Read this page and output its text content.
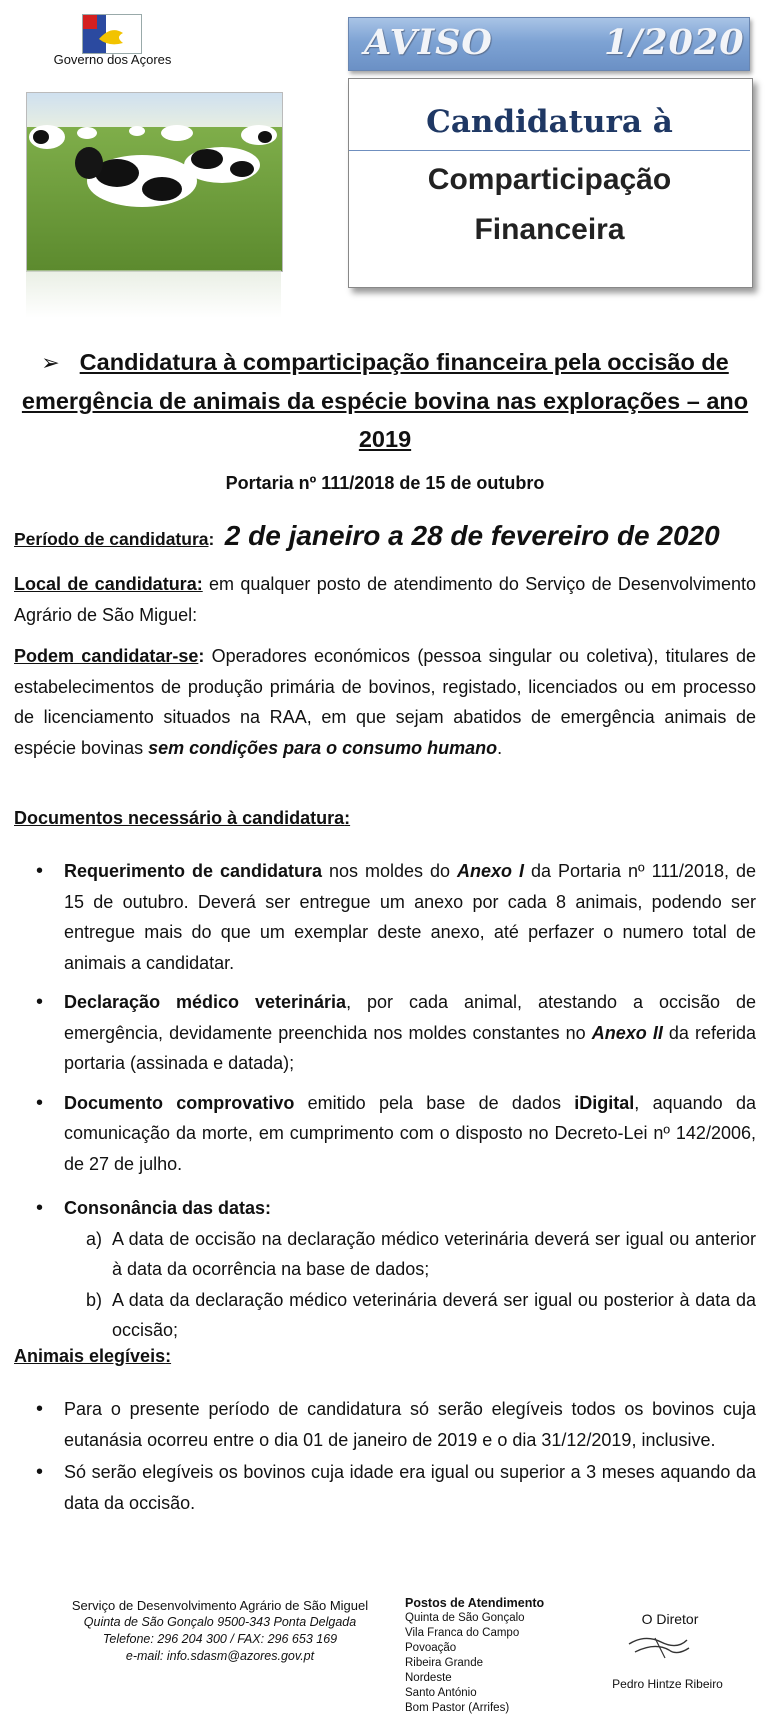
Governo dos Açores	AVISO	1/2020
Candidatura à
Comparticipação
Financeira
➢ Candidatura à comparticipação financeira pela occisão de emergência de animais da espécie bovina nas explorações – ano 2019
Portaria nº 111/2018 de 15 de outubro
Período de candidatura: 2 de janeiro a 28 de fevereiro de 2020
Local de candidatura: em qualquer posto de atendimento do Serviço de Desenvolvimento Agrário de São Miguel:
Podem candidatar-se: Operadores económicos (pessoa singular ou coletiva), titulares de estabelecimentos de produção primária de bovinos, registado, licenciados ou em processo de licenciamento situados na RAA, em que sejam abatidos de emergência animais de espécie bovinas sem condições para o consumo humano.
Documentos necessário à candidatura:

• Requerimento de candidatura nos moldes do Anexo I da Portaria nº 111/2018, de 15 de outubro. Deverá ser entregue um anexo por cada 8 animais, podendo ser entregue mais do que um exemplar deste anexo, até perfazer o numero total de animais a candidatar.

• Declaração médico veterinária, por cada animal, atestando a occisão de emergência, devidamente preenchida nos moldes constantes no Anexo II da referida portaria (assinada e datada);

• Documento comprovativo emitido pela base de dados iDigital, aquando da comunicação da morte, em cumprimento com o disposto no Decreto-Lei nº 142/2006, de 27 de julho.

• Consonância das datas:

a) A data de occisão na declaração médico veterinária deverá ser igual ou anterior à data da ocorrência na base de dados;

b) A data da declaração médico veterinária deverá ser igual ou posterior à data da occisão;

Animais elegíveis:

• Para o presente período de candidatura só serão elegíveis todos os bovinos cuja eutanásia ocorreu entre o dia 01 de janeiro de 2019 e o dia 31/12/2019, inclusive.

• Só serão elegíveis os bovinos cuja idade era igual ou superior a 3 meses aquando da data da occisão.

Serviço de Desenvolvimento Agrário de São Miguel
Quinta de São Gonçalo 9500-343 Ponta Delgada
Telefone: 296 204 300 / FAX: 296 653 169
e-mail: info.sdasm@azores.gov.pt
Postos de Atendimento
Quinta de São Gonçalo
Vila Franca do Campo
Povoação
Ribeira Grande
Nordeste
Santo António
Bom Pastor (Arrifes)
O Diretor
Pedro Hintze Ribeiro
